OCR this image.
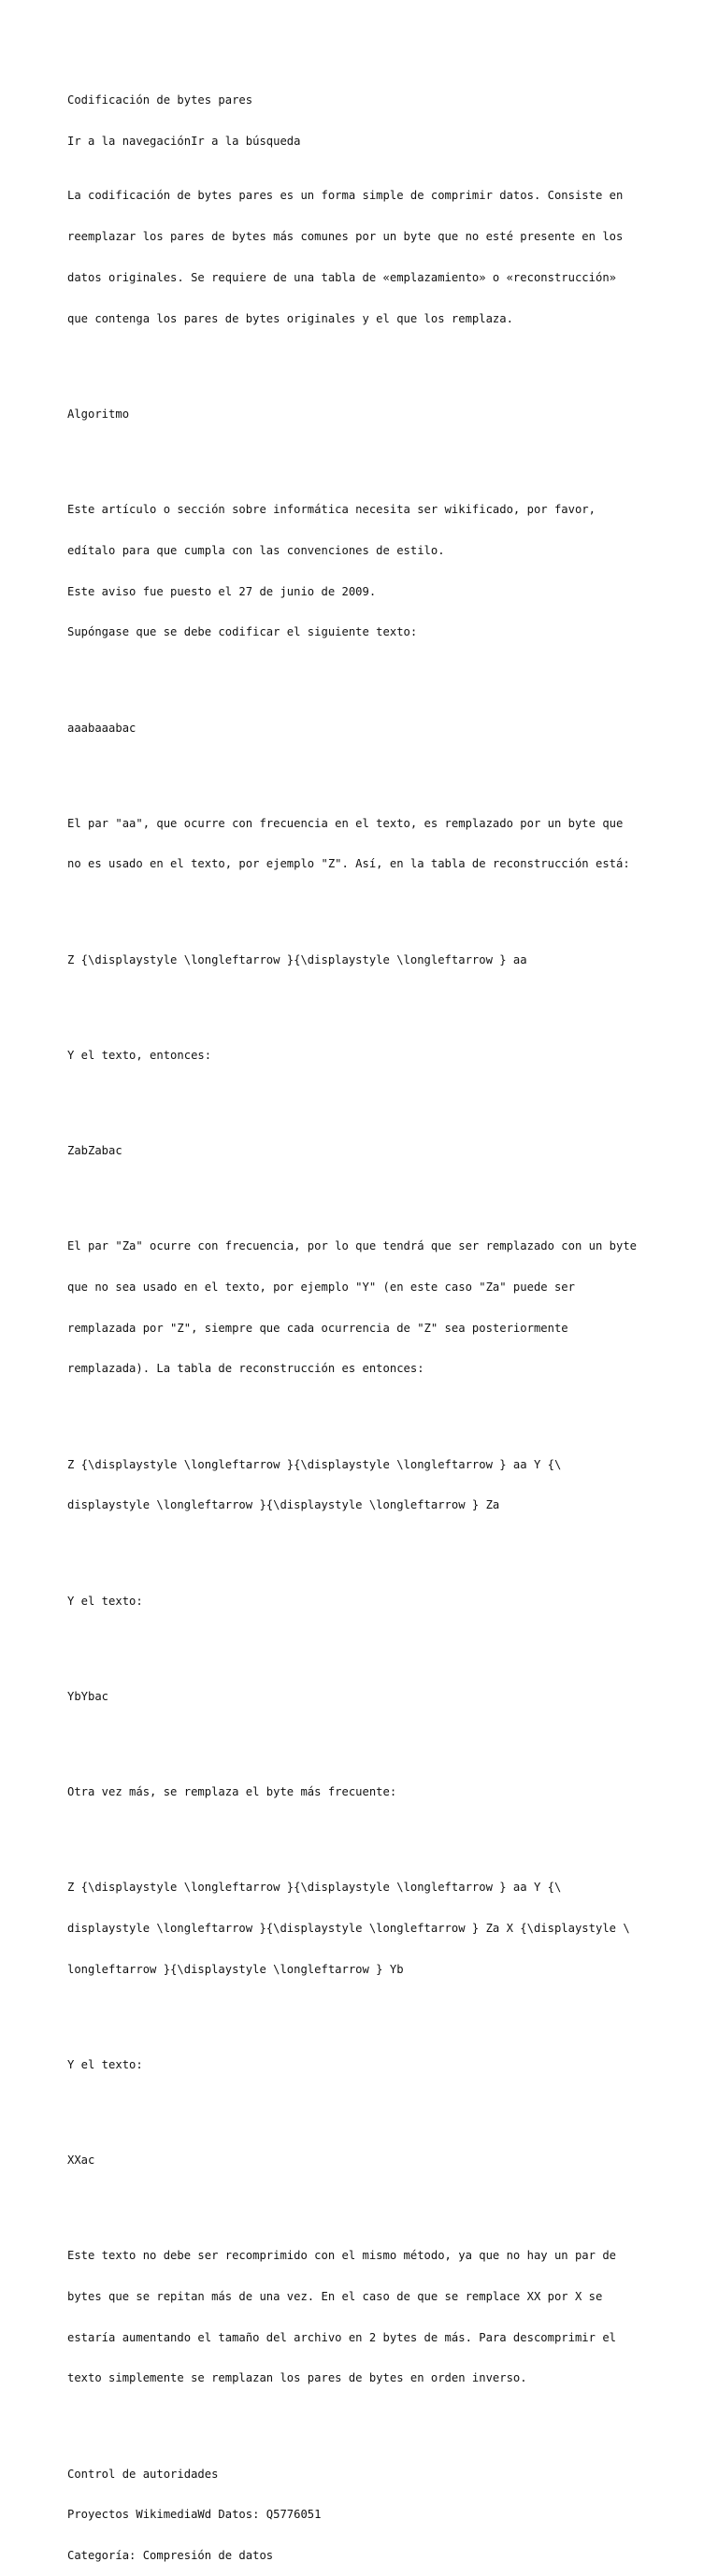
Codificación de bytes pares

Ir a la navegaciónIr a la búsqueda

La codificación de bytes pares es un forma simple de comprimir datos. Consiste en

reemplazar los pares de bytes más comunes por un byte que no esté presente en los

datos originales. Se requiere de una tabla de «emplazamiento» o «reconstrucción»

que contenga los pares de bytes originales y el que los remplaza.

Algoritmo

Este artículo o sección sobre informática necesita ser wikificado, por favor,

edítalo para que cumpla con las convenciones de estilo.

Este aviso fue puesto el 27 de junio de 2009.

Supóngase que se debe codificar el siguiente texto:

aaabaaabac

El par "aa", que ocurre con frecuencia en el texto, es remplazado por un byte que

no es usado en el texto, por ejemplo "Z". Así, en la tabla de reconstrucción está:

Z {\displaystyle \longleftarrow }{\displaystyle \longleftarrow } aa

Y el texto, entonces:

ZabZabac

El par "Za" ocurre con frecuencia, por lo que tendrá que ser remplazado con un byte

que no sea usado en el texto, por ejemplo "Y" (en este caso "Za" puede ser

remplazada por "Z", siempre que cada ocurrencia de "Z" sea posteriormente

remplazada). La tabla de reconstrucción es entonces:

Z {\displaystyle \longleftarrow }{\displaystyle \longleftarrow } aa Y {\

displaystyle \longleftarrow }{\displaystyle \longleftarrow } Za

Y el texto:

YbYbac

Otra vez más, se remplaza el byte más frecuente:

Z {\displaystyle \longleftarrow }{\displaystyle \longleftarrow } aa Y {\

displaystyle \longleftarrow }{\displaystyle \longleftarrow } Za X {\displaystyle \

longleftarrow }{\displaystyle \longleftarrow } Yb

Y el texto:

XXac

Este texto no debe ser recomprimido con el mismo método, ya que no hay un par de

bytes que se repitan más de una vez. En el caso de que se remplace XX por X se

estaría aumentando el tamaño del archivo en 2 bytes de más. Para descomprimir el

texto simplemente se remplazan los pares de bytes en orden inverso.

Control de autoridades

Proyectos WikimediaWd Datos: Q5776051

Categoría: Compresión de datos
